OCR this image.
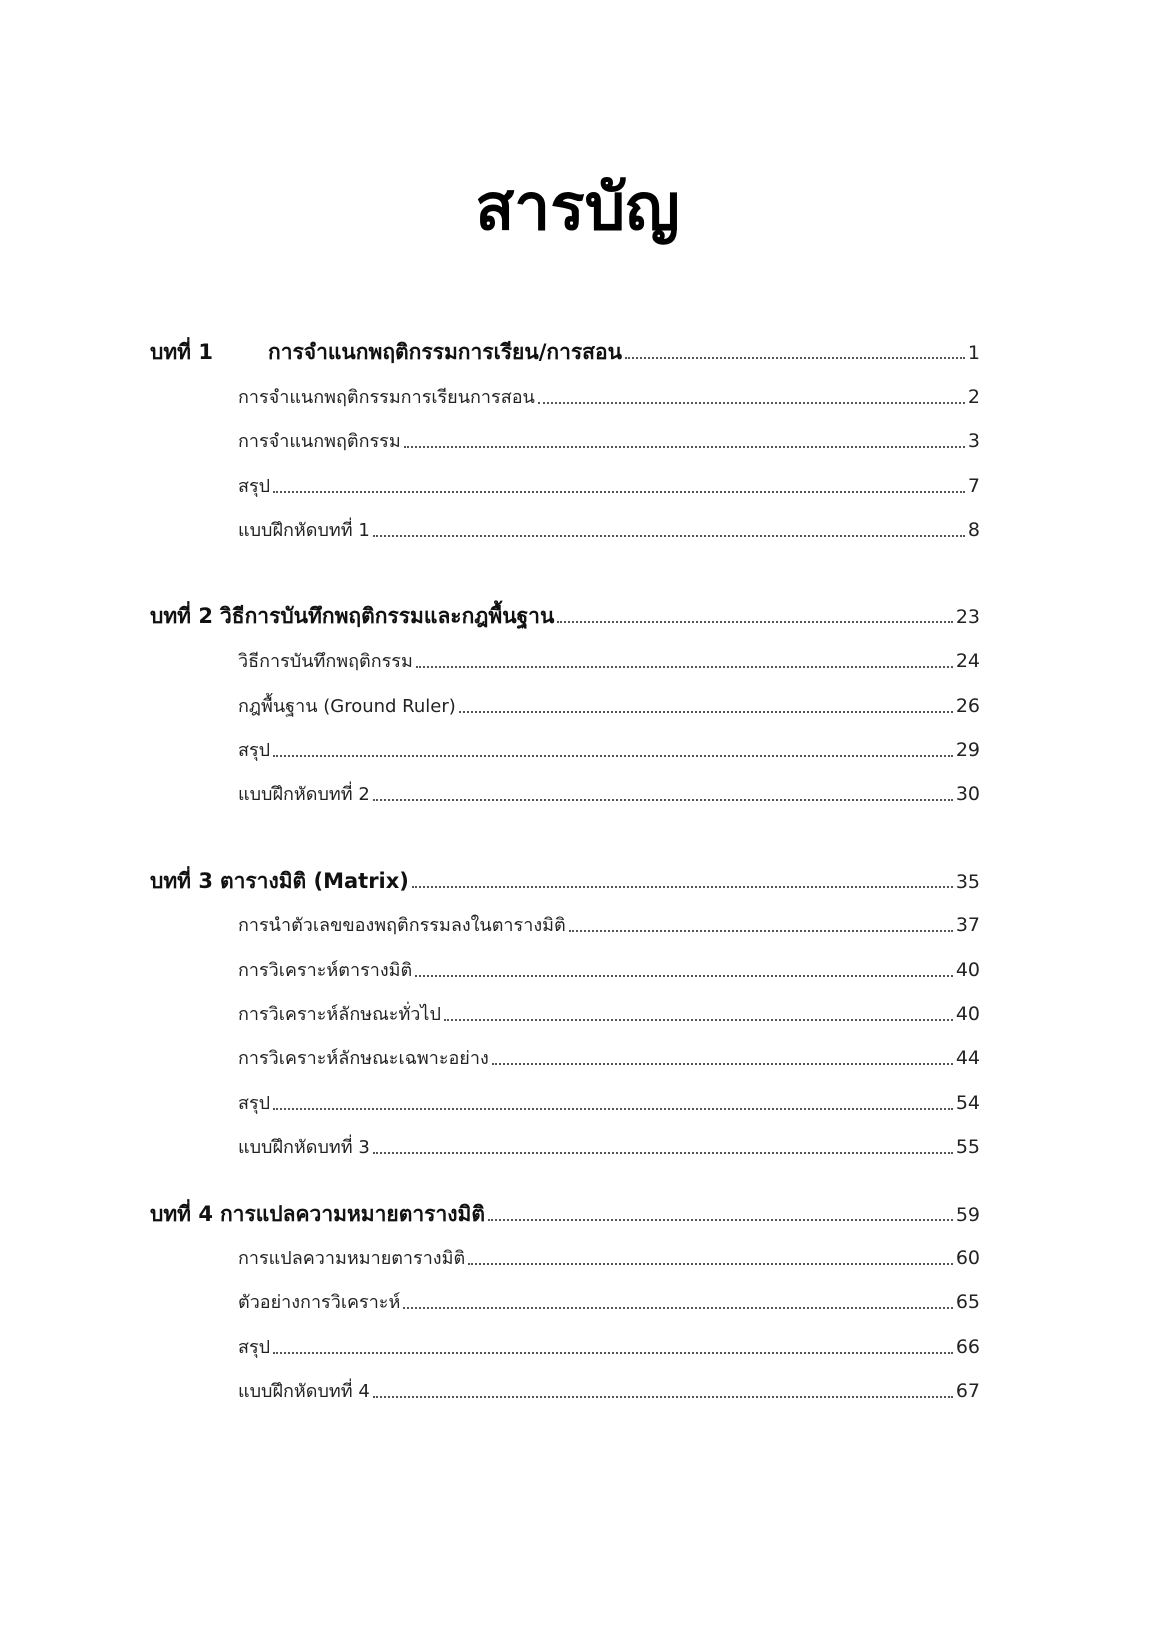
สารบัญ
บทที่ 1	การจำแนกพฤติกรรมการเรียน/การสอน	1
การจำแนกพฤติกรรมการเรียนการสอน	2
การจำแนกพฤติกรรม	3
สรุป	7
แบบฝึกหัดบทที่ 1	8
บทที่ 2 วิธีการบันทึกพฤติกรรมและกฎพื้นฐาน	23
วิธีการบันทึกพฤติกรรม	24
กฎพื้นฐาน (Ground Ruler)	26
สรุป	29
แบบฝึกหัดบทที่ 2	30
บทที่ 3 ตารางมิติ (Matrix)	35
การนำตัวเลขของพฤติกรรมลงในตารางมิติ	37
การวิเคราะห์ตารางมิติ	40
การวิเคราะห์ลักษณะทั่วไป	40
การวิเคราะห์ลักษณะเฉพาะอย่าง	44
สรุป	54
แบบฝึกหัดบทที่ 3	55
บทที่ 4 การแปลความหมายตารางมิติ	59
การแปลความหมายตารางมิติ	60
ตัวอย่างการวิเคราะห์	65
สรุป	66
แบบฝึกหัดบทที่ 4	67
